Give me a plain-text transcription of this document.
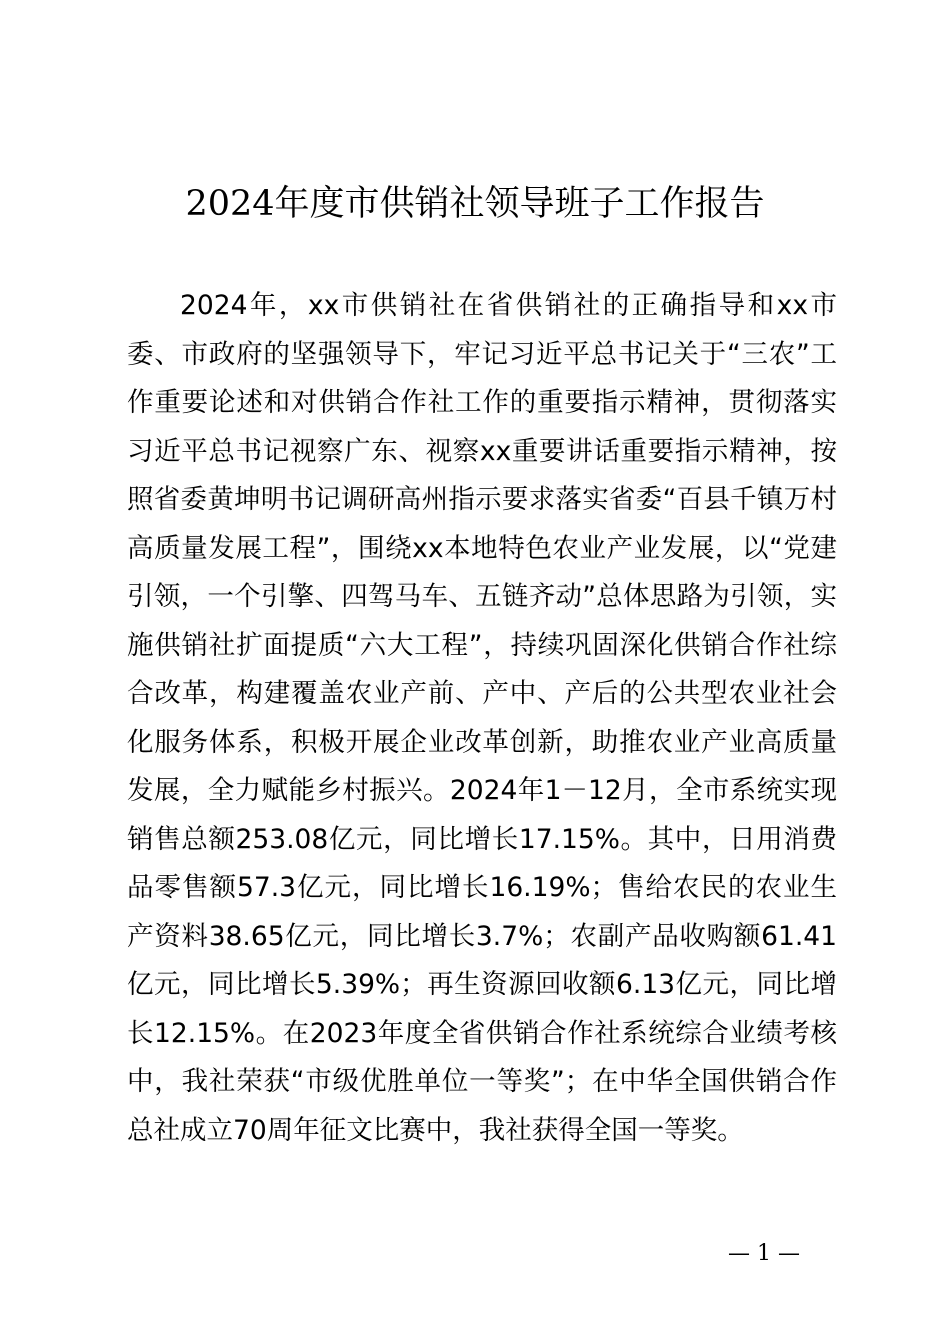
2024年度市供销社领导班子工作报告

2024年，xx市供销社在省供销社的正确指导和xx市委、市政府的坚强领导下，牢记习近平总书记关于“三农”工作重要论述和对供销合作社工作的重要指示精神，贯彻落实习近平总书记视察广东、视察xx重要讲话重要指示精神，按照省委黄坤明书记调研高州指示要求落实省委“百县千镇万村高质量发展工程”，围绕xx本地特色农业产业发展，以“党建引领，一个引擎、四驾马车、五链齐动”总体思路为引领，实施供销社扩面提质“六大工程”，持续巩固深化供销合作社综合改革，构建覆盖农业产前、产中、产后的公共型农业社会化服务体系，积极开展企业改革创新，助推农业产业高质量发展，全力赋能乡村振兴。2024年1－12月，全市系统实现销售总额253.08亿元，同比增长17.15%。其中，日用消费品零售额57.3亿元，同比增长16.19%；售给农民的农业生产资料38.65亿元，同比增长3.7%；农副产品收购额61.41亿元，同比增长5.39%；再生资源回收额6.13亿元，同比增长12.15%。在2023年度全省供销合作社系统综合业绩考核中，我社荣获“市级优胜单位一等奖”；在中华全国供销合作总社成立70周年征文比赛中，我社获得全国一等奖。

— 1 —
